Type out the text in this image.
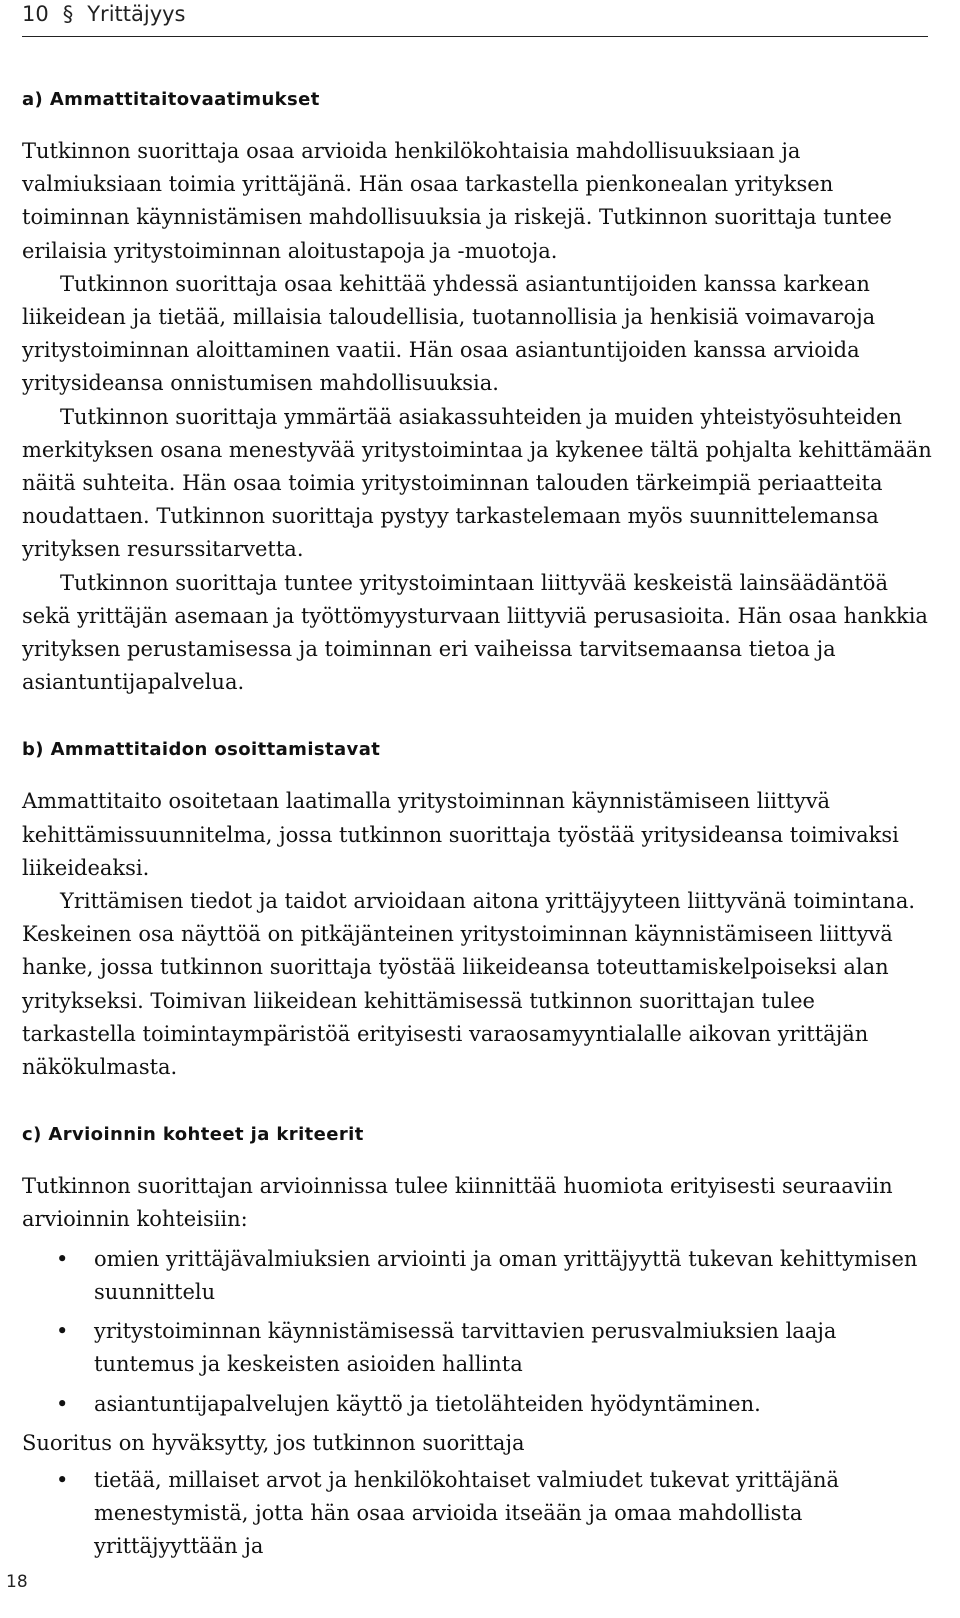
10 § Yrittäjyys
a) Ammattitaitovaatimukset

Tutkinnon suorittaja osaa arvioida henkilökohtaisia mahdollisuuksiaan ja valmiuksiaan toimia yrittäjänä. Hän osaa tarkastella pienkonealan yrityksen toiminnan käynnistämisen mahdollisuuksia ja riskejä. Tutkinnon suorittaja tuntee erilaisia yritystoiminnan aloitustapoja ja -muotoja.

Tutkinnon suorittaja osaa kehittää yhdessä asiantuntijoiden kanssa karkean liikeidean ja tietää, millaisia taloudellisia, tuotannollisia ja henkisiä voimavaroja yritystoiminnan aloittaminen vaatii. Hän osaa asiantuntijoiden kanssa arvioida yritysideansa onnistumisen mahdollisuuksia.

Tutkinnon suorittaja ymmärtää asiakassuhteiden ja muiden yhteistyösuhteiden merkityksen osana menestyvää yritystoimintaa ja kykenee tältä pohjalta kehittämään näitä suhteita. Hän osaa toimia yritystoiminnan talouden tärkeimpiä periaatteita noudattaen. Tutkinnon suorittaja pystyy tarkastelemaan myös suunnittelemansa yrityksen resurssitarvetta.

Tutkinnon suorittaja tuntee yritystoimintaan liittyvää keskeistä lainsäädäntöä sekä yrittäjän asemaan ja työttömyysturvaan liittyviä perusasioita. Hän osaa hankkia yrityksen perustamisessa ja toiminnan eri vaiheissa tarvitsemaansa tietoa ja asiantuntijapalvelua.

b) Ammattitaidon osoittamistavat

Ammattitaito osoitetaan laatimalla yritystoiminnan käynnistämiseen liittyvä kehittämissuunnitelma, jossa tutkinnon suorittaja työstää yritysideansa toimivaksi liikeideaksi.

Yrittämisen tiedot ja taidot arvioidaan aitona yrittäjyyteen liittyvänä toimintana. Keskeinen osa näyttöä on pitkäjänteinen yritystoiminnan käynnistämiseen liittyvä hanke, jossa tutkinnon suorittaja työstää liikeideansa toteuttamiskelpoiseksi alan yritykseksi. Toimivan liikeidean kehittämisessä tutkinnon suorittajan tulee tarkastella toimintaympäristöä erityisesti varaosamyyntialalle aikovan yrittäjän näkökulmasta.

c) Arvioinnin kohteet ja kriteerit

Tutkinnon suorittajan arvioinnissa tulee kiinnittää huomiota erityisesti seuraaviin arvioinnin kohteisiin:

• omien yrittäjävalmiuksien arviointi ja oman yrittäjyyttä tukevan kehittymisen suunnittelu
• yritystoiminnan käynnistämisessä tarvittavien perusvalmiuksien laaja tuntemus ja keskeisten asioiden hallinta
• asiantuntijapalvelujen käyttö ja tietolähteiden hyödyntäminen.

Suoritus on hyväksytty, jos tutkinnon suorittaja

• tietää, millaiset arvot ja henkilökohtaiset valmiudet tukevat yrittäjänä menestymistä, jotta hän osaa arvioida itseään ja omaa mahdollista yrittäjyyttään ja
18
